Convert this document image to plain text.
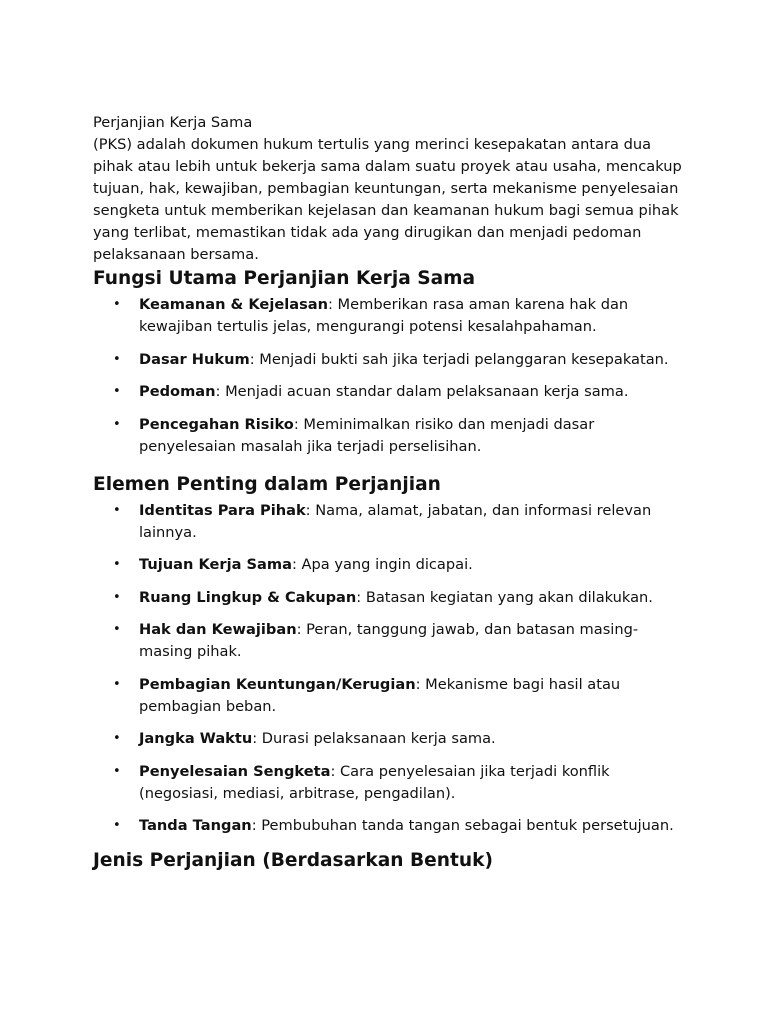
Perjanjian Kerja Sama

(PKS) adalah dokumen hukum tertulis yang merinci kesepakatan antara dua pihak atau lebih untuk bekerja sama dalam suatu proyek atau usaha, mencakup tujuan, hak, kewajiban, pembagian keuntungan, serta mekanisme penyelesaian sengketa untuk memberikan kejelasan dan keamanan hukum bagi semua pihak yang terlibat, memastikan tidak ada yang dirugikan dan menjadi pedoman pelaksanaan bersama.

Fungsi Utama Perjanjian Kerja Sama
• Keamanan & Kejelasan: Memberikan rasa aman karena hak dan kewajiban tertulis jelas, mengurangi potensi kesalahpahaman.
• Dasar Hukum: Menjadi bukti sah jika terjadi pelanggaran kesepakatan.
• Pedoman: Menjadi acuan standar dalam pelaksanaan kerja sama.
• Pencegahan Risiko: Meminimalkan risiko dan menjadi dasar penyelesaian masalah jika terjadi perselisihan.
Elemen Penting dalam Perjanjian
• Identitas Para Pihak: Nama, alamat, jabatan, dan informasi relevan lainnya.
• Tujuan Kerja Sama: Apa yang ingin dicapai.
• Ruang Lingkup & Cakupan: Batasan kegiatan yang akan dilakukan.
• Hak dan Kewajiban: Peran, tanggung jawab, dan batasan masing-masing pihak.
• Pembagian Keuntungan/Kerugian: Mekanisme bagi hasil atau pembagian beban.
• Jangka Waktu: Durasi pelaksanaan kerja sama.
• Penyelesaian Sengketa: Cara penyelesaian jika terjadi konflik (negosiasi, mediasi, arbitrase, pengadilan).
• Tanda Tangan: Pembubuhan tanda tangan sebagai bentuk persetujuan.
Jenis Perjanjian (Berdasarkan Bentuk)
